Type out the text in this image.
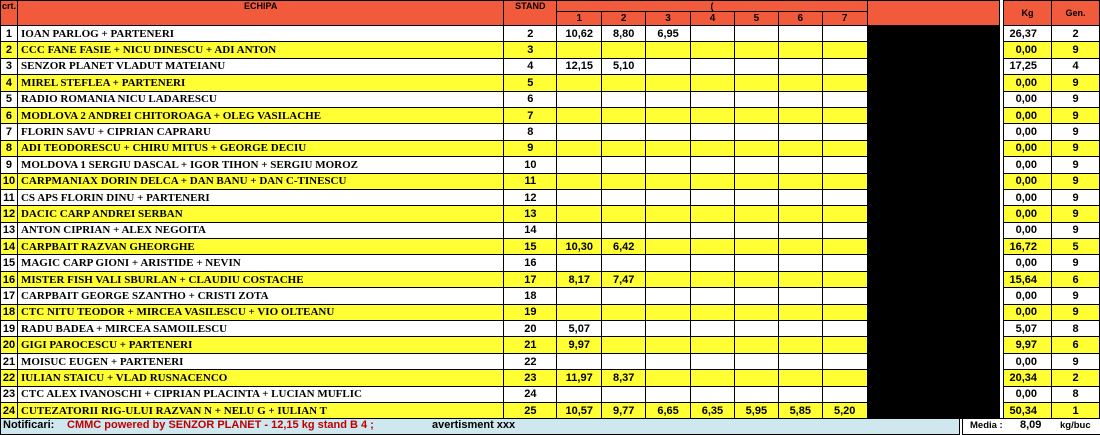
crt.	ECHIPA	STAND	(									Kg	Gen.
			1	2	3	4	5	6	7				
1	IOAN PARLOG + PARTENERI	2	10,62	8,80	6,95							26,37	2
2	CCC FANE FASIE + NICU DINESCU + ADI ANTON	3										0,00	9
3	SENZOR PLANET VLADUT MATEIANU	4	12,15	5,10								17,25	4
4	MIREL STEFLEA + PARTENERI	5										0,00	9
5	RADIO ROMANIA NICU LADARESCU	6										0,00	9
6	MODLOVA 2 ANDREI CHITOROAGA + OLEG VASILACHE	7										0,00	9
7	FLORIN SAVU + CIPRIAN CAPRARU	8										0,00	9
8	ADI TEODORESCU + CHIRU MITUS + GEORGE DECIU	9										0,00	9
9	MOLDOVA 1 SERGIU DASCAL + IGOR TIHON + SERGIU MOROZ	10										0,00	9
10	CARPMANIAX DORIN DELCA + DAN BANU + DAN C-TINESCU	11										0,00	9
11	CS APS FLORIN DINU + PARTENERI	12										0,00	9
12	DACIC CARP ANDREI SERBAN	13										0,00	9
13	ANTON CIPRIAN + ALEX NEGOITA	14										0,00	9
14	CARPBAIT RAZVAN GHEORGHE	15	10,30	6,42								16,72	5
15	MAGIC CARP GIONI + ARISTIDE + NEVIN	16										0,00	9
16	MISTER FISH VALI SBURLAN + CLAUDIU COSTACHE	17	8,17	7,47								15,64	6
17	CARPBAIT GEORGE SZANTHO + CRISTI ZOTA	18										0,00	9
18	CTC NITU TEODOR + MIRCEA VASILESCU + VIO OLTEANU	19										0,00	9
19	RADU BADEA + MIRCEA SAMOILESCU	20	5,07									5,07	8
20	GIGI PAROCESCU + PARTENERI	21	9,97									9,97	6
21	MOISUC EUGEN + PARTENERI	22										0,00	9
22	IULIAN STAICU + VLAD RUSNACENCO	23	11,97	8,37								20,34	2
23	CTC ALEX IVANOSCHI + CIPRIAN PLACINTA + LUCIAN MUFLIC	24										0,00	8
24	CUTEZATORII RIG-ULUI RAZVAN N + NELU G + IULIAN T	25	10,57	9,77	6,65	6,35	5,95	5,85	5,20			50,34	1
Notificari: CMMC powered by SENZOR PLANET - 12,15 kg stand B 4 ;	avertisment xxx	Media : 8,09 kg/buc
